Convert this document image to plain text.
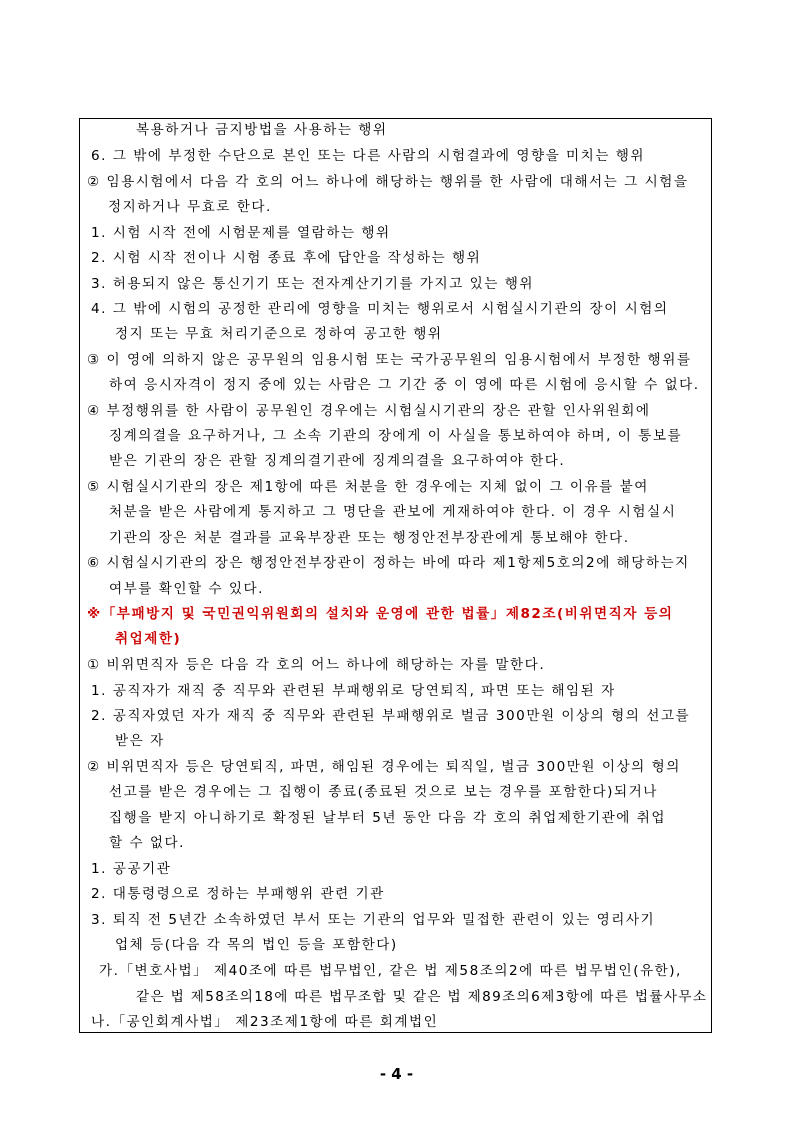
복용하거나 금지방법을 사용하는 행위
6. 그 밖에 부정한 수단으로 본인 또는 다른 사람의 시험결과에 영향을 미치는 행위
② 임용시험에서 다음 각 호의 어느 하나에 해당하는 행위를 한 사람에 대해서는 그 시험을
정지하거나 무효로 한다.
1. 시험 시작 전에 시험문제를 열람하는 행위
2. 시험 시작 전이나 시험 종료 후에 답안을 작성하는 행위
3. 허용되지 않은 통신기기 또는 전자계산기기를 가지고 있는 행위
4. 그 밖에 시험의 공정한 관리에 영향을 미치는 행위로서 시험실시기관의 장이 시험의
정지 또는 무효 처리기준으로 정하여 공고한 행위
③ 이 영에 의하지 않은 공무원의 임용시험 또는 국가공무원의 임용시험에서 부정한 행위를
하여 응시자격이 정지 중에 있는 사람은 그 기간 중 이 영에 따른 시험에 응시할 수 없다.
④ 부정행위를 한 사람이 공무원인 경우에는 시험실시기관의 장은 관할 인사위원회에
징계의결을 요구하거나, 그 소속 기관의 장에게 이 사실을 통보하여야 하며, 이 통보를
받은 기관의 장은 관할 징계의결기관에 징계의결을 요구하여야 한다.
⑤ 시험실시기관의 장은 제1항에 따른 처분을 한 경우에는 지체 없이 그 이유를 붙여
처분을 받은 사람에게 통지하고 그 명단을 관보에 게재하여야 한다. 이 경우 시험실시
기관의 장은 처분 결과를 교육부장관 또는 행정안전부장관에게 통보해야 한다.
⑥ 시험실시기관의 장은 행정안전부장관이 정하는 바에 따라 제1항제5호의2에 해당하는지
여부를 확인할 수 있다.
※「부패방지 및 국민권익위원회의 설치와 운영에 관한 법률」제82조(비위면직자 등의
취업제한)
① 비위면직자 등은 다음 각 호의 어느 하나에 해당하는 자를 말한다.
1. 공직자가 재직 중 직무와 관련된 부패행위로 당연퇴직, 파면 또는 해임된 자
2. 공직자였던 자가 재직 중 직무와 관련된 부패행위로 벌금 300만원 이상의 형의 선고를
받은 자
② 비위면직자 등은 당연퇴직, 파면, 해임된 경우에는 퇴직일, 벌금 300만원 이상의 형의
선고를 받은 경우에는 그 집행이 종료(종료된 것으로 보는 경우를 포함한다)되거나
집행을 받지 아니하기로 확정된 날부터 5년 동안 다음 각 호의 취업제한기관에 취업
할 수 없다.
1. 공공기관
2. 대통령령으로 정하는 부패행위 관련 기관
3. 퇴직 전 5년간 소속하였던 부서 또는 기관의 업무와 밀접한 관련이 있는 영리사기
업체 등(다음 각 목의 법인 등을 포함한다)
가.「변호사법」 제40조에 따른 법무법인, 같은 법 제58조의2에 따른 법무법인(유한),
같은 법 제58조의18에 따른 법무조합 및 같은 법 제89조의6제3항에 따른 법률사무소
나.「공인회계사법」 제23조제1항에 따른 회계법인
- 4 -
